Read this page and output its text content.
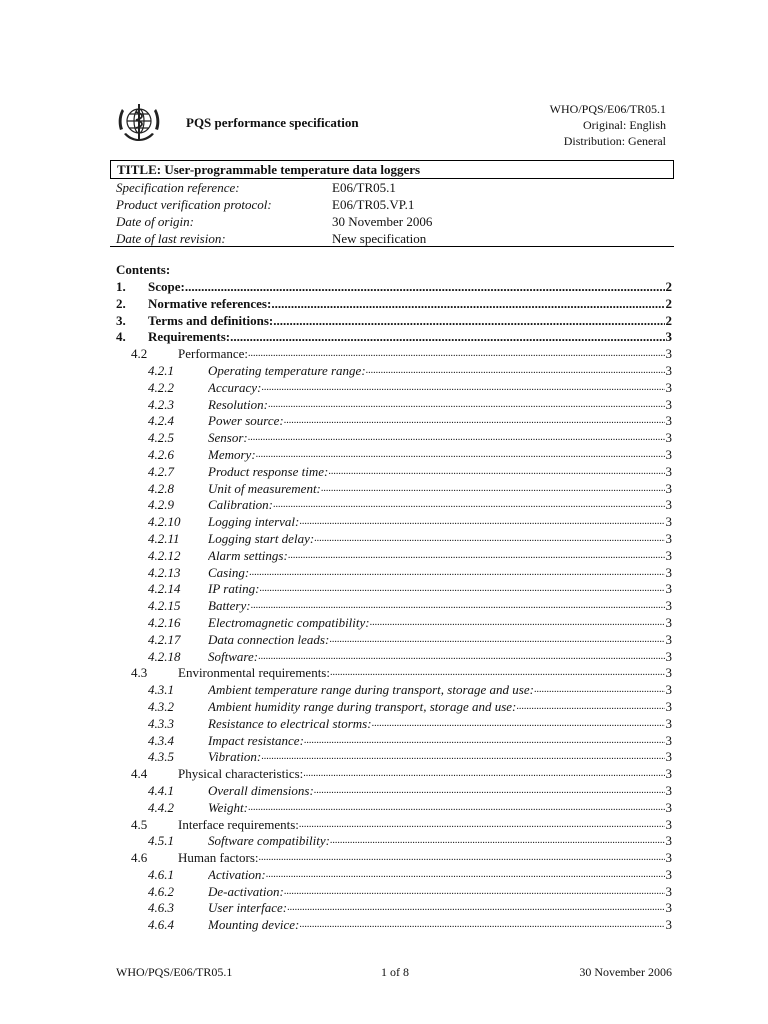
PQS performance specification
WHO/PQS/E06/TR05.1
Original: English
Distribution: General
TITLE: User-programmable temperature data loggers
Specification reference:	E06/TR05.1
Product verification protocol:	E06/TR05.VP.1
Date of origin:	30 November 2006
Date of last revision:	New specification
Contents:
1. Scope: .....	2
2. Normative references: .....	2
3. Terms and definitions: .....	2
4. Requirements: .....	3
4.2 Performance: .....	3
4.2.1	Operating temperature range: .....	3
4.2.2	Accuracy: .....	3
4.2.3	Resolution: .....	3
4.2.4	Power source: .....	3
4.2.5	Sensor: .....	3
4.2.6	Memory: .....	3
4.2.7	Product response time: .....	3
4.2.8	Unit of measurement: .....	3
4.2.9	Calibration: .....	3
4.2.10 Logging interval: .....	3
4.2.11 Logging start delay: .....	3
4.2.12 Alarm settings: .....	3
4.2.13 Casing: .....	3
4.2.14 IP rating: .....	3
4.2.15 Battery: .....	3
4.2.16 Electromagnetic compatibility: .....	3
4.2.17 Data connection leads: .....	3
4.2.18 Software: .....	3
4.3 Environmental requirements: .....	3
4.3.1	Ambient temperature range during transport, storage and use: .....	3
4.3.2	Ambient humidity range during transport, storage and use: .....	3
4.3.3	Resistance to electrical storms: .....	3
4.3.4	Impact resistance: .....	3
4.3.5	Vibration: .....	3
4.4 Physical characteristics: .....	3
4.4.1	Overall dimensions: .....	3
4.4.2	Weight: .....	3
4.5 Interface requirements: .....	3
4.5.1	Software compatibility: .....	3
4.6 Human factors: .....	3
4.6.1	Activation: .....	3
4.6.2	De-activation: .....	3
4.6.3	User interface: .....	3
4.6.4	Mounting device: .....	3
WHO/PQS/E06/TR05.1	1 of 8	30 November 2006
